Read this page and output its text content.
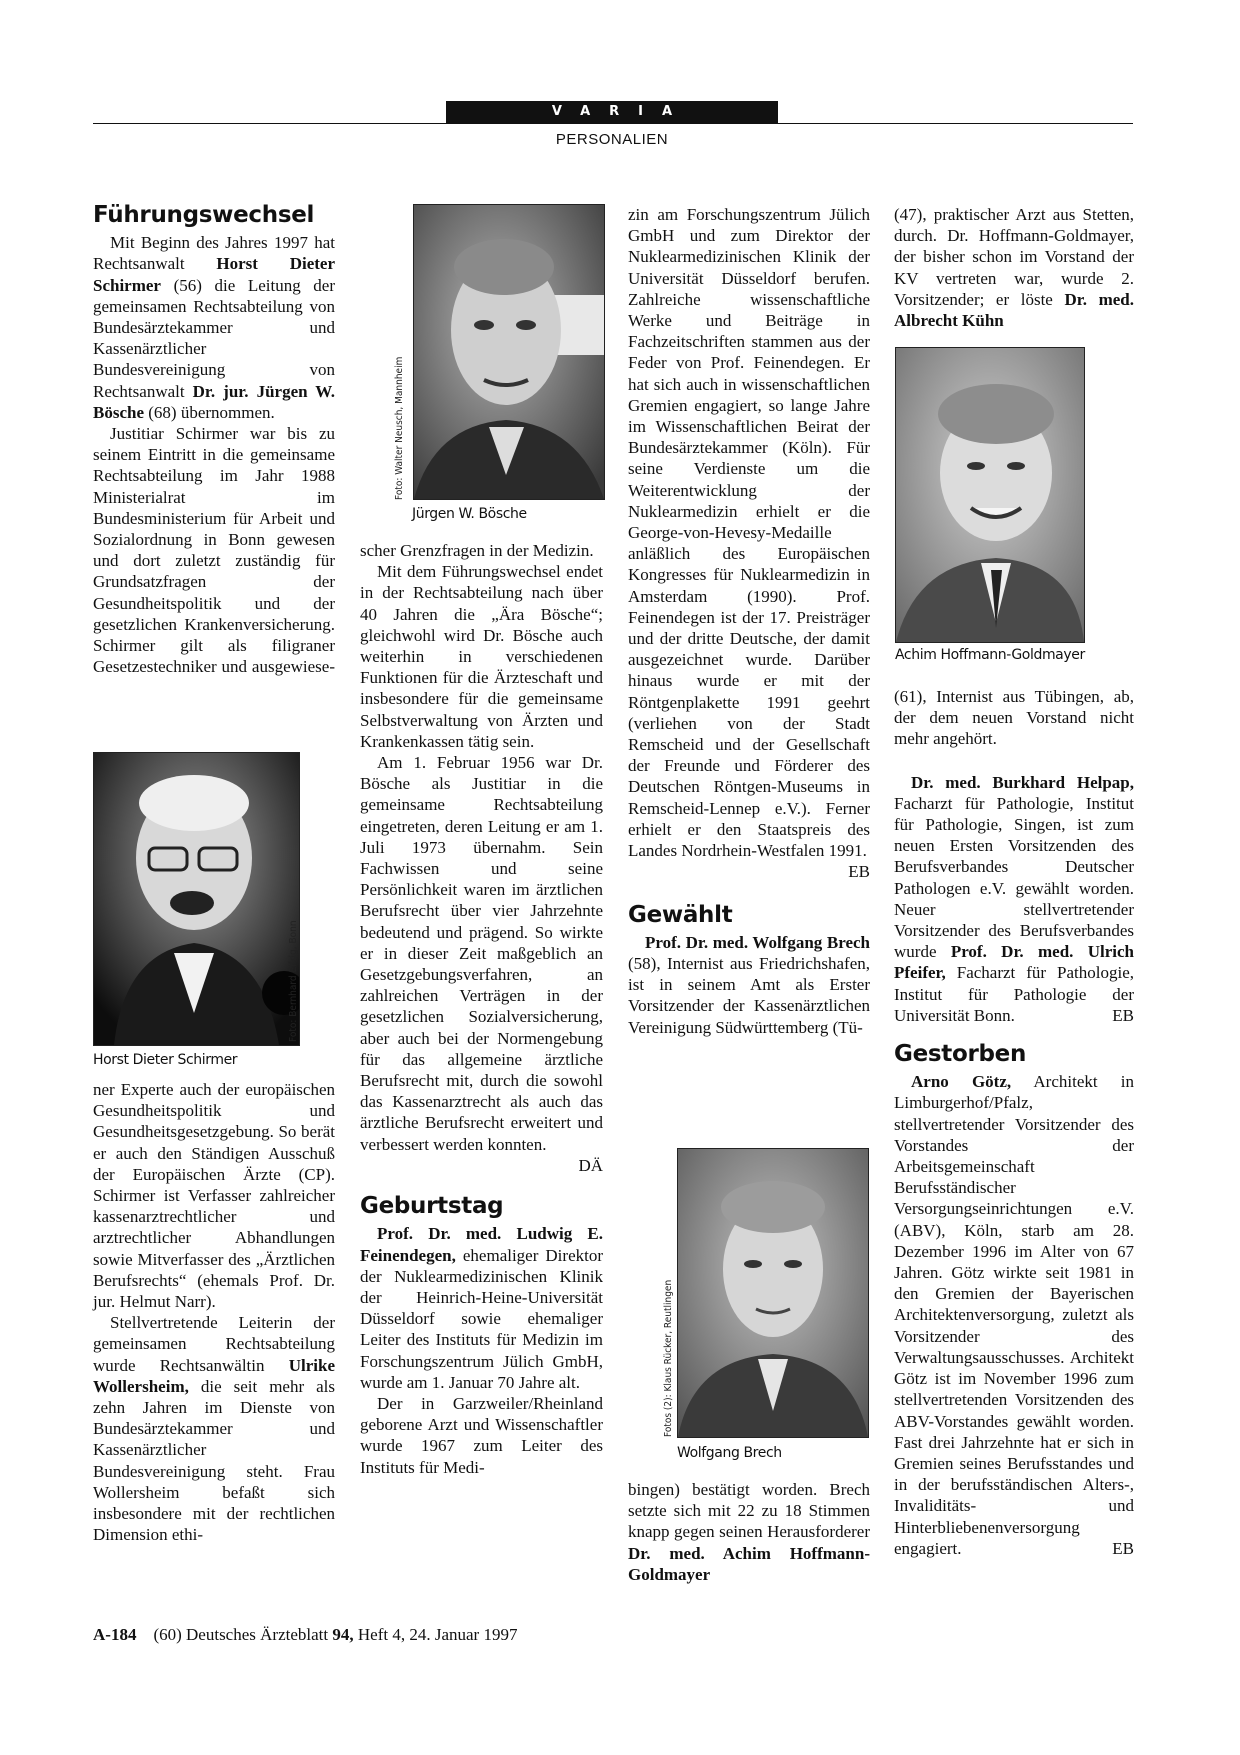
VARIA
PERSONALIEN
Führungswechsel

Mit Beginn des Jahres 1997 hat Rechtsanwalt Horst Dieter Schirmer (56) die Leitung der gemeinsamen Rechtsabteilung von Bundesärztekammer und Kassenärztlicher Bundesvereinigung von Rechtsanwalt Dr. jur. Jürgen W. Bösche (68) übernommen.

Justitiar Schirmer war bis zu seinem Eintritt in die gemeinsame Rechtsabteilung im Jahr 1988 Ministerialrat im Bundesministerium für Arbeit und Sozialordnung in Bonn gewesen und dort zuletzt zuständig für Grundsatzfragen der Gesundheitspolitik und der gesetzlichen Krankenversicherung. Schirmer gilt als filigraner Gesetzestechniker und ausgewiese-

Foto: Bernhard Eifrig, Bonn
Horst Dieter Schirmer

ner Experte auch der europäischen Gesundheitspolitik und Gesundheitsgesetzgebung. So berät er auch den Ständigen Ausschuß der Europäischen Ärzte (CP). Schirmer ist Verfasser zahlreicher kassenarztrechtlicher und arztrechtlicher Abhandlungen sowie Mitverfasser des „Ärztlichen Berufsrechts“ (ehemals Prof. Dr. jur. Helmut Narr).

Stellvertretende Leiterin der gemeinsamen Rechtsabteilung wurde Rechtsanwältin Ulrike Wollersheim, die seit mehr als zehn Jahren im Dienste von Bundesärztekammer und Kassenärztlicher Bundesvereinigung steht. Frau Wollersheim befaßt sich insbesondere mit der rechtlichen Dimension ethi-

Foto: Walter Neusch, Mannheim
Jürgen W. Bösche

scher Grenzfragen in der Medizin.

Mit dem Führungswechsel endet in der Rechtsabteilung nach über 40 Jahren die „Ära Bösche“; gleichwohl wird Dr. Bösche auch weiterhin in verschiedenen Funktionen für die Ärzteschaft und insbesondere für die gemeinsame Selbstverwaltung von Ärzten und Krankenkassen tätig sein.

Am 1. Februar 1956 war Dr. Bösche als Justitiar in die gemeinsame Rechtsabteilung eingetreten, deren Leitung er am 1. Juli 1973 übernahm. Sein Fachwissen und seine Persönlichkeit waren im ärztlichen Berufsrecht über vier Jahrzehnte bedeutend und prägend. So wirkte er in dieser Zeit maßgeblich an Gesetzgebungsverfahren, an zahlreichen Verträgen in der gesetzlichen Sozialversicherung, aber auch bei der Normengebung für das allgemeine ärztliche Berufsrecht mit, durch die sowohl das Kassenarztrecht als auch das ärztliche Berufsrecht erweitert und verbessert werden konnten.
DÄ

Geburtstag

Prof. Dr. med. Ludwig E. Feinendegen, ehemaliger Direktor der Nuklearmedizinischen Klinik der Heinrich-Heine-Universität Düsseldorf sowie ehemaliger Leiter des Instituts für Medizin im Forschungszentrum Jülich GmbH, wurde am 1. Januar 70 Jahre alt.

Der in Garzweiler/Rheinland geborene Arzt und Wissenschaftler wurde 1967 zum Leiter des Instituts für Medi-

zin am Forschungszentrum Jülich GmbH und zum Direktor der Nuklearmedizinischen Klinik der Universität Düsseldorf berufen. Zahlreiche wissenschaftliche Werke und Beiträge in Fachzeitschriften stammen aus der Feder von Prof. Feinendegen. Er hat sich auch in wissenschaftlichen Gremien engagiert, so lange Jahre im Wissenschaftlichen Beirat der Bundesärztekammer (Köln). Für seine Verdienste um die Weiterentwicklung der Nuklearmedizin erhielt er die George-von-Hevesy-Medaille anläßlich des Europäischen Kongresses für Nuklearmedizin in Amsterdam (1990). Prof. Feinendegen ist der 17. Preisträger und der dritte Deutsche, der damit ausgezeichnet wurde. Darüber hinaus wurde er mit der Röntgenplakette 1991 geehrt (verliehen von der Stadt Remscheid und der Gesellschaft der Freunde und Förderer des Deutschen Röntgen-Museums in Remscheid-Lennep e.V.). Ferner erhielt er den Staatspreis des Landes Nordrhein-Westfalen 1991.
EB

Gewählt

Prof. Dr. med. Wolfgang Brech (58), Internist aus Friedrichshafen, ist in seinem Amt als Erster Vorsitzender der Kassenärztlichen Vereinigung Südwürttemberg (Tü-

Fotos (2): Klaus Rücker, Reutlingen
Wolfgang Brech

bingen) bestätigt worden. Brech setzte sich mit 22 zu 18 Stimmen knapp gegen seinen Herausforderer Dr. med. Achim Hoffmann-Goldmayer

(47), praktischer Arzt aus Stetten, durch. Dr. Hoffmann-Goldmayer, der bisher schon im Vorstand der KV vertreten war, wurde 2. Vorsitzender; er löste Dr. med. Albrecht Kühn

Achim Hoffmann-Goldmayer

(61), Internist aus Tübingen, ab, der dem neuen Vorstand nicht mehr angehört.

Dr. med. Burkhard Helpap, Facharzt für Pathologie, Institut für Pathologie, Singen, ist zum neuen Ersten Vorsitzenden des Berufsverbandes Deutscher Pathologen e.V. gewählt worden. Neuer stellvertretender Vorsitzender des Berufsverbandes wurde Prof. Dr. med. Ulrich Pfeifer, Facharzt für Pathologie, Institut für Pathologie der Universität Bonn.	EB

Gestorben

Arno Götz, Architekt in Limburgerhof/Pfalz, stellvertretender Vorsitzender des Vorstandes der Arbeitsgemeinschaft Berufsständischer Versorgungseinrichtungen e.V. (ABV), Köln, starb am 28. Dezember 1996 im Alter von 67 Jahren. Götz wirkte seit 1981 in den Gremien der Bayerischen Architektenversorgung, zuletzt als Vorsitzender des Verwaltungsausschusses. Architekt Götz ist im November 1996 zum stellvertretenden Vorsitzenden des ABV-Vorstandes gewählt worden. Fast drei Jahrzehnte hat er sich in Gremien seines Berufsstandes und in der berufsständischen Alters-, Invaliditäts- und Hinterbliebenenversorgung engagiert.	EB

A-184 (60) Deutsches Ärzteblatt 94, Heft 4, 24. Januar 1997
